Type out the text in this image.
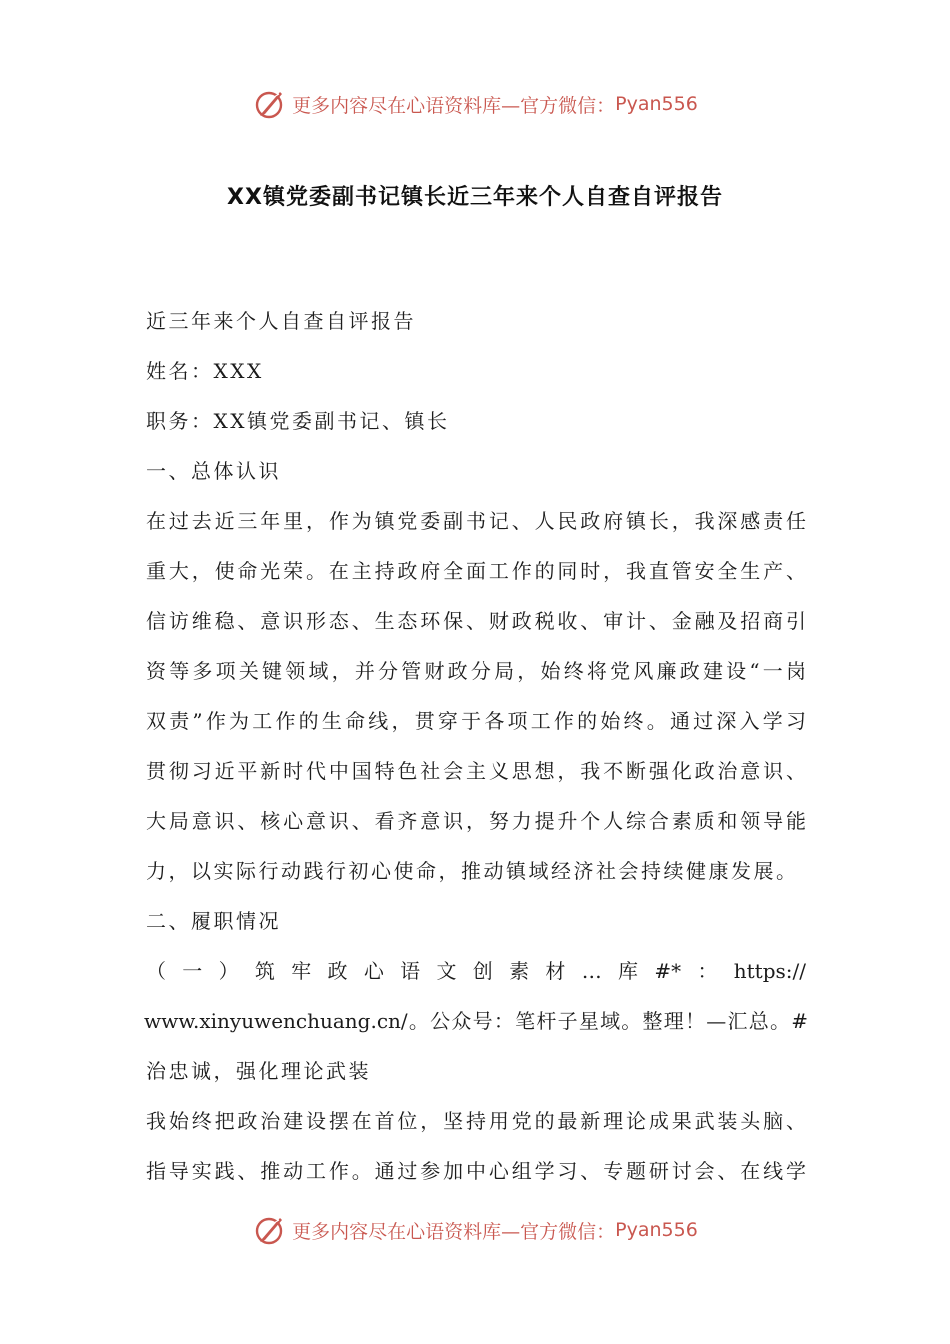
更多内容尽在心语资料库—官方微信： Pyan556
XX镇党委副书记镇长近三年来个人自查自评报告
近三年来个人自查自评报告
姓名：XXX
职务：XX镇党委副书记、镇长
一、总体认识
在过去近三年里，作为镇党委副书记、人民政府镇长，我深感责任
重大，使命光荣。在主持政府全面工作的同时，我直管安全生产、
信访维稳、意识形态、生态环保、财政税收、审计、金融及招商引
资等多项关键领域，并分管财政分局，始终将党风廉政建设“一岗
双责”作为工作的生命线，贯穿于各项工作的始终。通过深入学习
贯彻习近平新时代中国特色社会主义思想，我不断强化政治意识、
大局意识、核心意识、看齐意识，努力提升个人综合素质和领导能
力，以实际行动践行初心使命，推动镇域经济社会持续健康发展。
二、履职情况
（一）筑牢政心语文创素材…库#*：https://
www.xinyuwenchuang.cn/。公众号：笔杆子星域。整理！—汇总。#
治忠诚，强化理论武装
我始终把政治建设摆在首位，坚持用党的最新理论成果武装头脑、
指导实践、推动工作。通过参加中心组学习、专题研讨会、在线学
更多内容尽在心语资料库—官方微信： Pyan556
